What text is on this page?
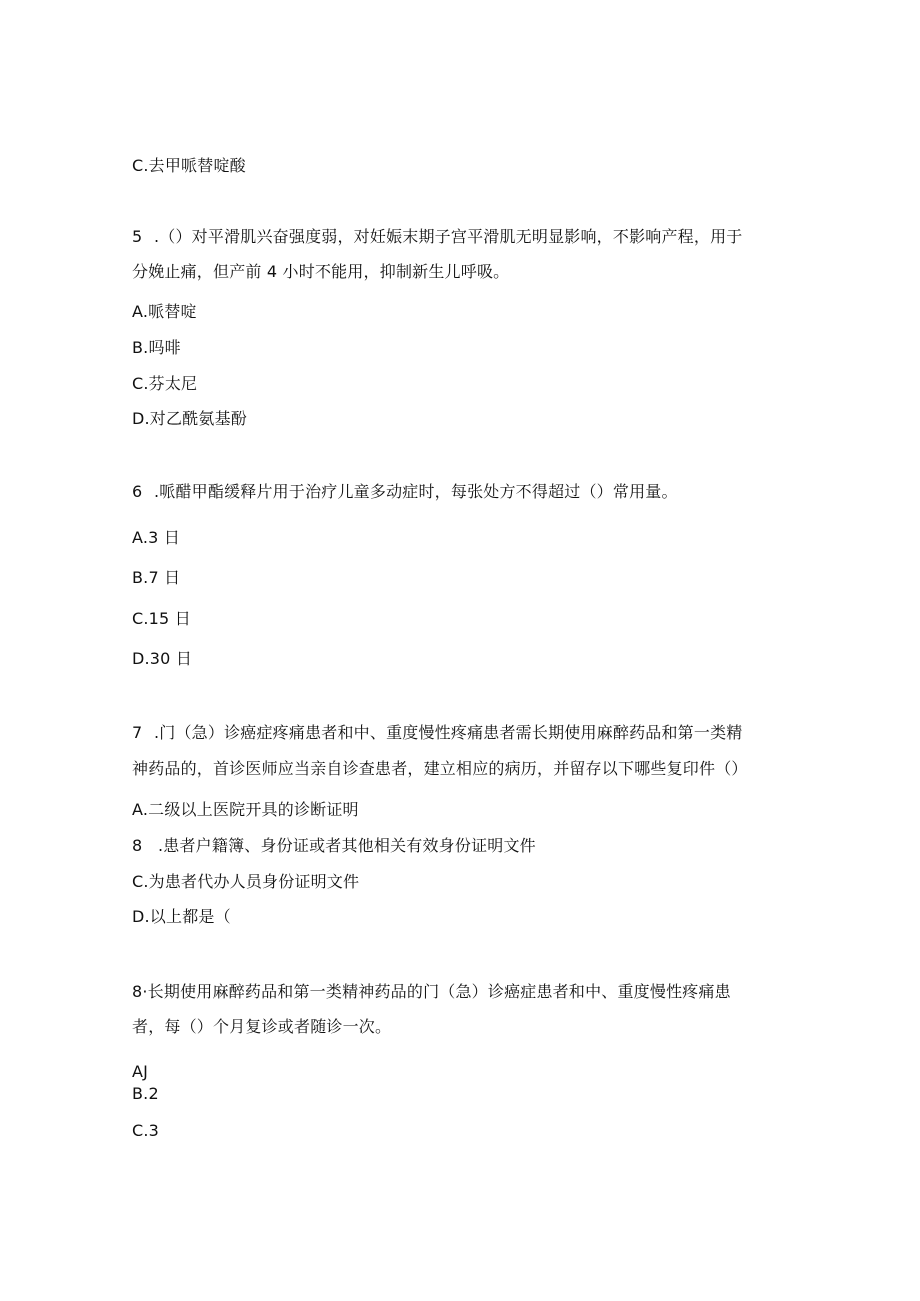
C.去甲哌替啶酸
5 .（）对平滑肌兴奋强度弱，对妊娠末期子宫平滑肌无明显影响，不影响产程，用于
分娩止痛，但产前 4 小时不能用，抑制新生儿呼吸。
A.哌替啶
B.吗啡
C.芬太尼
D.对乙酰氨基酚
6 .哌醋甲酯缓释片用于治疗儿童多动症时，每张处方不得超过（）常用量。
A.3 日
B.7 日
C.15 日
D.30 日
7 .门（急）诊癌症疼痛患者和中、重度慢性疼痛患者需长期使用麻醉药品和第一类精
神药品的，首诊医师应当亲自诊查患者，建立相应的病历，并留存以下哪些复印件（）
A.二级以上医院开具的诊断证明
8 .患者户籍簿、身份证或者其他相关有效身份证明文件
C.为患者代办人员身份证明文件
D.以上都是（
8·长期使用麻醉药品和第一类精神药品的门（急）诊癌症患者和中、重度慢性疼痛患
者，每（）个月复诊或者随诊一次。
AJ
B.2
C.3
